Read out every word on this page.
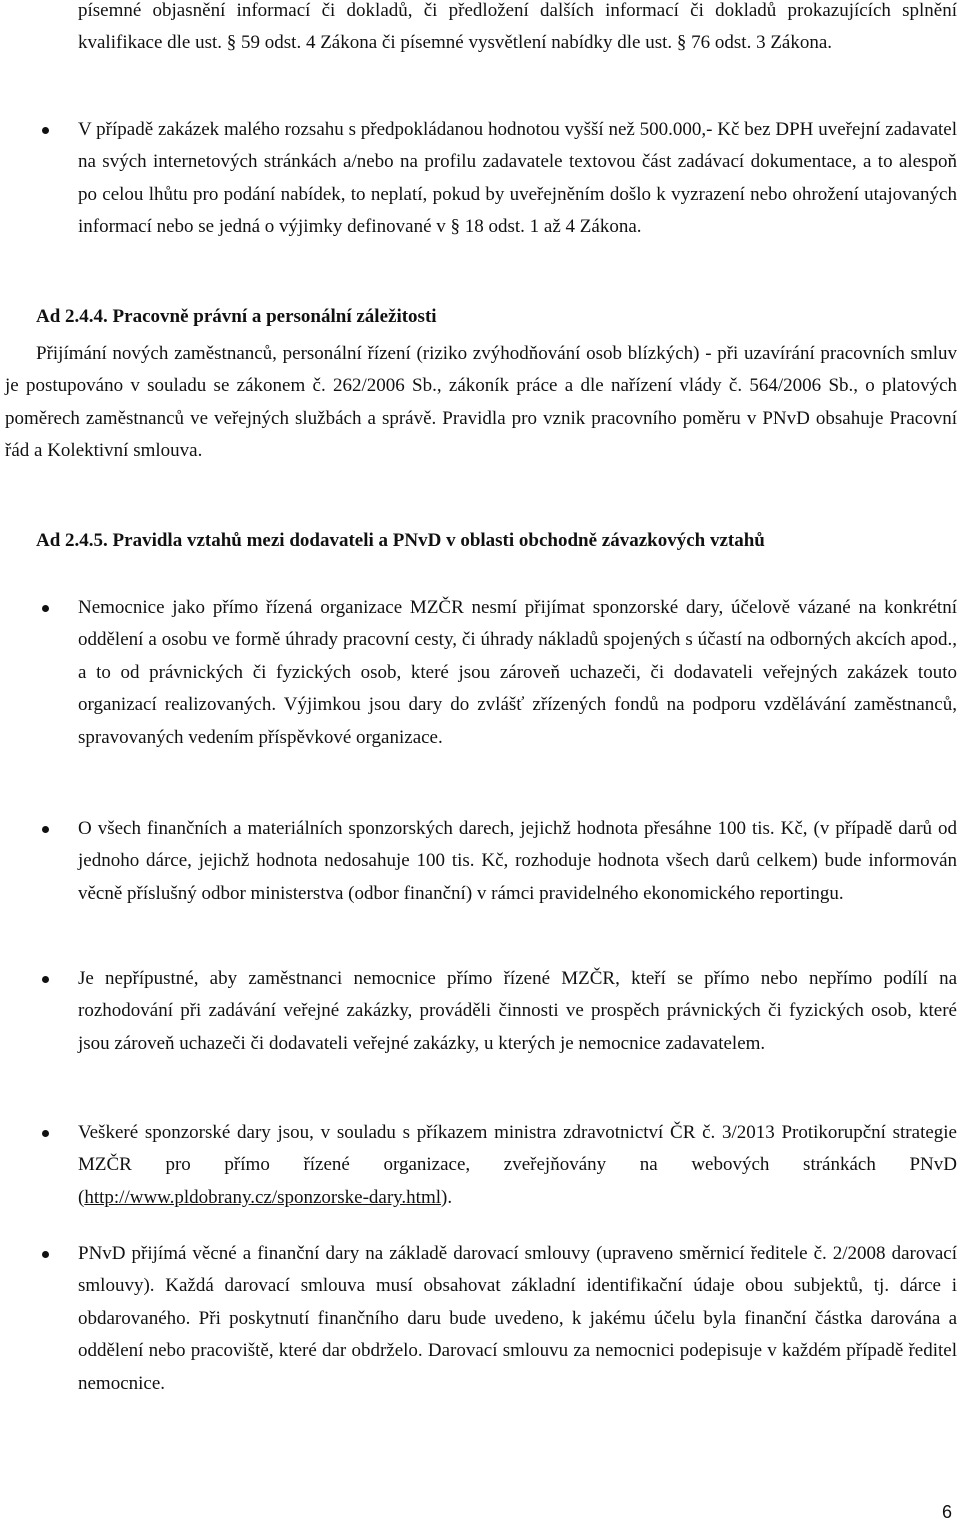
písemné objasnění informací či dokladů, či předložení dalších informací či dokladů prokazujících splnění kvalifikace dle ust. § 59 odst. 4 Zákona či písemné vysvětlení nabídky dle ust. § 76 odst. 3 Zákona.

V případě zakázek malého rozsahu s předpokládanou hodnotou vyšší než 500.000,- Kč bez DPH uveřejní zadavatel na svých internetových stránkách a/nebo na profilu zadavatele textovou část zadávací dokumentace, a to alespoň po celou lhůtu pro podání nabídek, to neplatí, pokud by uveřejněním došlo k vyzrazení nebo ohrožení utajovaných informací nebo se jedná o výjimky definované v § 18 odst. 1 až 4 Zákona.

Ad 2.4.4. Pracovně právní a personální záležitosti

Přijímání nových zaměstnanců, personální řízení (riziko zvýhodňování osob blízkých) - při uzavírání pracovních smluv je postupováno v souladu se zákonem č. 262/2006 Sb., zákoník práce a dle nařízení vlády č. 564/2006 Sb., o platových poměrech zaměstnanců ve veřejných službách a správě. Pravidla pro vznik pracovního poměru v PNvD obsahuje Pracovní řád a Kolektivní smlouva.

Ad 2.4.5. Pravidla vztahů mezi dodavateli a PNvD v oblasti obchodně závazkových vztahů

Nemocnice jako přímo řízená organizace MZČR nesmí přijímat sponzorské dary, účelově vázané na konkrétní oddělení a osobu ve formě úhrady pracovní cesty, či úhrady nákladů spojených s účastí na odborných akcích apod., a to od právnických či fyzických osob, které jsou zároveň uchazeči, či dodavateli veřejných zakázek touto organizací realizovaných. Výjimkou jsou dary do zvlášť zřízených fondů na podporu vzdělávání zaměstnanců, spravovaných vedením příspěvkové organizace.

O všech finančních a materiálních sponzorských darech, jejichž hodnota přesáhne 100 tis. Kč, (v případě darů od jednoho dárce, jejichž hodnota nedosahuje 100 tis. Kč, rozhoduje hodnota všech darů celkem) bude informován věcně příslušný odbor ministerstva (odbor finanční) v rámci pravidelného ekonomického reportingu.

Je nepřípustné, aby zaměstnanci nemocnice přímo řízené MZČR, kteří se přímo nebo nepřímo podílí na rozhodování při zadávání veřejné zakázky, prováděli činnosti ve prospěch právnických či fyzických osob, které jsou zároveň uchazeči či dodavateli veřejné zakázky, u kterých je nemocnice zadavatelem.

Veškeré sponzorské dary jsou, v souladu s příkazem ministra zdravotnictví ČR č. 3/2013 Protikorupční strategie MZČR pro přímo řízené organizace, zveřejňovány na webových stránkách PNvD (http://www.pldobrany.cz/sponzorske-dary.html).

PNvD přijímá věcné a finanční dary na základě darovací smlouvy (upraveno směrnicí ředitele č. 2/2008 darovací smlouvy). Každá darovací smlouva musí obsahovat základní identifikační údaje obou subjektů, tj. dárce i obdarovaného. Při poskytnutí finančního daru bude uvedeno, k jakému účelu byla finanční částka darována a oddělení nebo pracoviště, které dar obdrželo. Darovací smlouvu za nemocnici podepisuje v každém případě ředitel nemocnice.

6
